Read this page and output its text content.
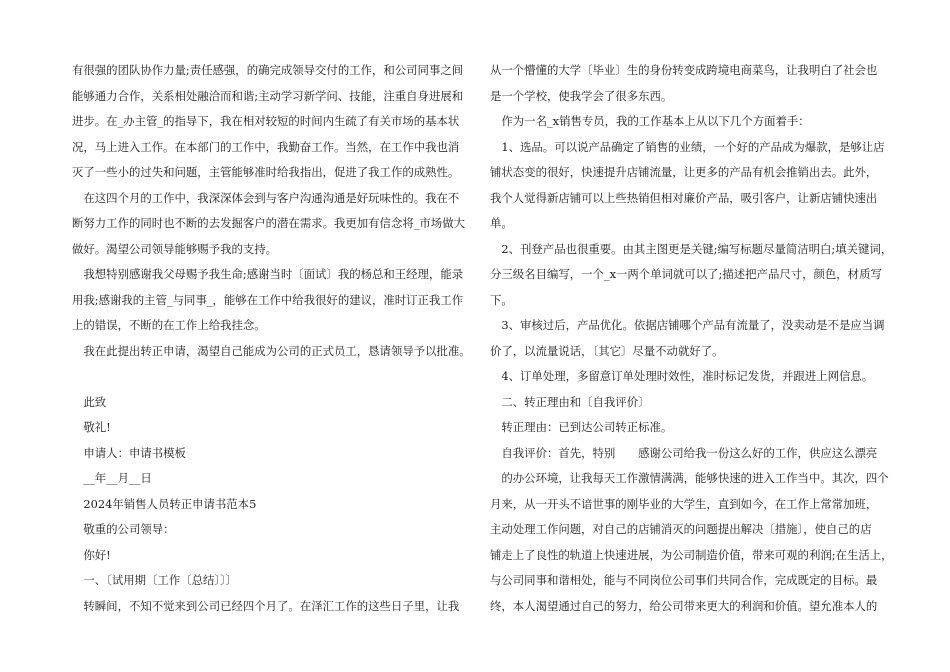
有很强的团队协作力量;责任感强，的确完成领导交付的工作，和公司同事之间
能够通力合作，关系相处融洽而和谐;主动学习新学问、技能，注重自身进展和
进步。在_办主管_的指导下，我在相对较短的时间内生疏了有关市场的基本状
况，马上进入工作。在本部门的工作中，我勤奋工作。当然，在工作中我也消
灭了一些小的过失和问题，主管能够准时给我指出，促进了我工作的成熟性。
　在这四个月的工作中，我深深体会到与客户沟通沟通是好玩味性的。我在不
断努力工作的同时也不断的去发掘客户的潜在需求。我更加有信念将_市场做大
做好。渴望公司领导能够赐予我的支持。
　我想特别感谢我父母赐予我生命;感谢当时〔面试〕我的杨总和王经理，能录
用我;感谢我的主管_与同事_，能够在工作中给我很好的建议，准时订正我工作
上的错误，不断的在工作上给我挂念。
　我在此提出转正申请，渴望自己能成为公司的正式员工，恳请领导予以批准。
　此致
　敬礼!
　申请人：申请书模板
　__年__月__日
　2024年销售人员转正申请书范本5
　敬重的公司领导：
　你好!
　一、〔试用期〔工作〔总结〕〕〕
　转瞬间，不知不觉来到公司已经四个月了。在泽汇工作的这些日子里，让我
从一个懵懂的大学〔毕业〕生的身份转变成跨境电商菜鸟，让我明白了社会也
是一个学校，使我学会了很多东西。
　作为一名_x销售专员，我的工作基本上从以下几个方面着手：
　1、选品。可以说产品确定了销售的业绩，一个好的产品成为爆款，是够让店
铺状态变的很好，快速提升店铺流量，让更多的产品有机会推销出去。此外，
我个人觉得新店铺可以上些热销但相对廉价产品，吸引客户，让新店铺快速出
单。
　2、刊登产品也很重要。由其主图更是关键;编写标题尽量简洁明白;填关键词，
分三级名目编写，一个_x一两个单词就可以了;描述把产品尺寸，颜色，材质写
下。
　3、审核过后，产品优化。依据店铺哪个产品有流量了，没卖动是不是应当调
价了，以流量说话，〔其它〕尽量不动就好了。
　4、订单处理，多留意订单处理时效性，准时标记发货，并跟进上网信息。
　二、转正理由和〔自我评价〕
　转正理由：已到达公司转正标准。
　自我评价：首先，特别　　感谢公司给我一份这么好的工作，供应这么漂亮
　的办公环境，让我每天工作激情满满，能够快速的进入工作当中。其次，四个
月来，从一开头不谙世事的刚毕业的大学生，直到如今，在工作上常常加班，
主动处理工作问题，对自己的店铺消灭的问题提出解决〔措施〕，使自己的店
铺走上了良性的轨道上快速进展，为公司制造价值，带来可观的利润;在生活上，
与公司同事和谐相处，能与不同岗位公司事们共同合作，完成既定的目标。最
终，本人渴望通过自己的努力，给公司带来更大的利润和价值。望允准本人的
